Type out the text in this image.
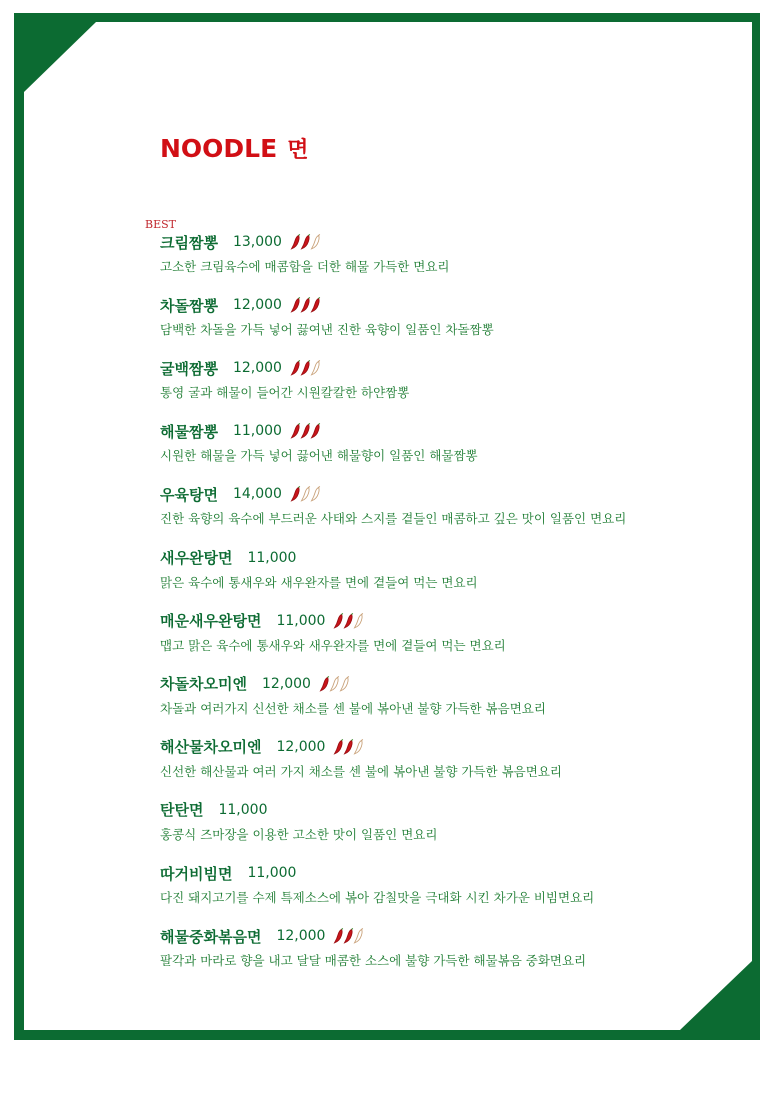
NOODLE 면
BEST
크림짬뽕 13,000
고소한 크림육수에 매콤함을 더한 해물 가득한 면요리
차돌짬뽕 12,000
담백한 차돌을 가득 넣어 끓여낸 진한 육향이 일품인 차돌짬뽕
굴백짬뽕 12,000
통영 굴과 해물이 들어간 시원칼칼한 하얀짬뽕
해물짬뽕 11,000
시원한 해물을 가득 넣어 끓어낸 해물향이 일품인 해물짬뽕
우육탕면 14,000
진한 육향의 육수에 부드러운 사태와 스지를 곁들인 매콤하고 깊은 맛이 일품인 면요리
새우완탕면 11,000
맑은 육수에 통새우와 새우완자를 면에 곁들여 먹는 면요리
매운새우완탕면 11,000
맵고 맑은 육수에 통새우와 새우완자를 면에 곁들여 먹는 면요리
차돌차오미엔 12,000
차돌과 여러가지 신선한 채소를 센 불에 볶아낸 불향 가득한 볶음면요리
해산물차오미엔 12,000
신선한 해산물과 여러 가지 채소를 센 불에 볶아낸 불향 가득한 볶음면요리
탄탄면 11,000
홍콩식 즈마장을 이용한 고소한 맛이 일품인 면요리
따거비빔면 11,000
다진 돼지고기를 수제 특제소스에 볶아 감칠맛을 극대화 시킨 차가운 비빔면요리
해물중화볶음면 12,000
팔각과 마라로 향을 내고 달달 매콤한 소스에 불향 가득한 해물볶음 중화면요리
